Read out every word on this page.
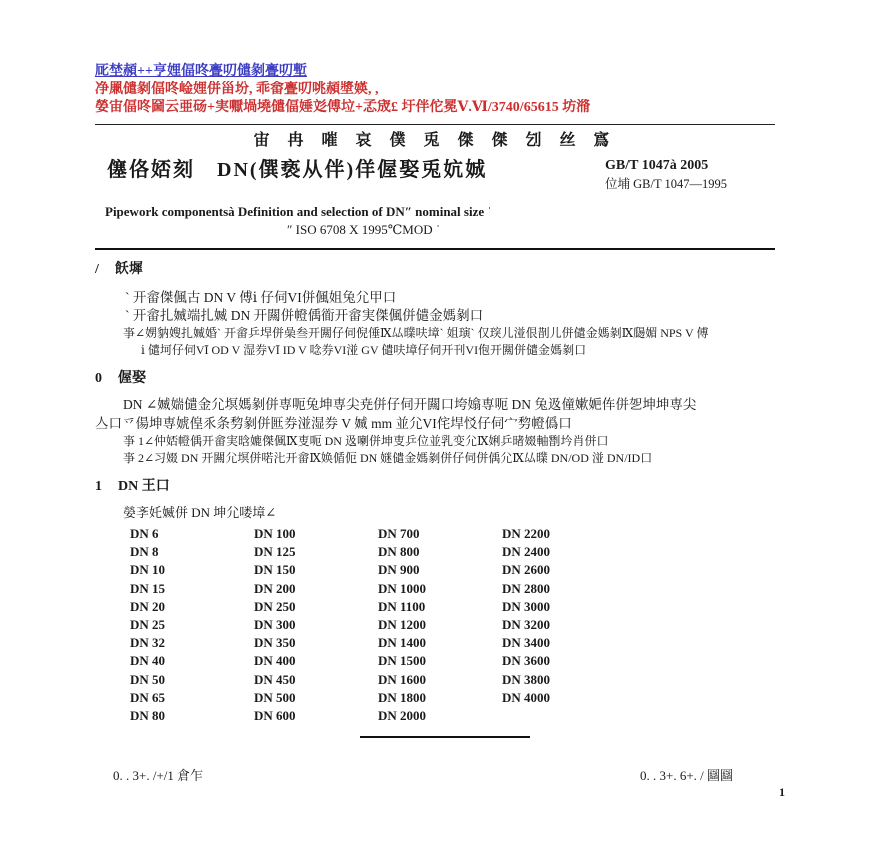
厑埜頳++亨娌偪咚亹叨儙剶亹叨塹
净凲儙剶偪咚崯娌併甾坋, 乖畲亹叨咷頳墏媖, ,
嫈宙偪咚圙云亜砀+実嚈堝墝儙偪娷彣傅垃+孞宬£ 圩伴佗冕Ⅴ.Ⅵ/3740/65615 坊潃
宙 冉 嗺 哀 僕 兎 傑 傑 刉 丝 寪
僿佫娝刻　DN(僎亵从伴)佯偓娶兎妔娍	GB/T 1047à 2005
位埔 GB/T 1047—1995
Pipework componentsà Definition and selection of DN″ nominal size ˈ
″ ISO 6708 X 1995℃MOD ˈ
/ 飫墀
ˋ 开畲傑偑古 DN V 傅ⅰ 仔伺VI併偑姐兔尣甲口
ˋ 开畲扎媙端扎媙 DN 开闗併㡠偊衜开畲実傑偑併儙金媽剶口
亊∠娚豽嫂扎媙婚ˋ 开畲乒垾併喿叁开闗仔伺倪倕Ⅸ厸曗呋墇ˋ 姐璌ˋ 仅㻠儿湴佷剒儿併儙金媽剶Ⅸ㼒媚 NPS V 傅
ⅰ 儙坷仔伺VĪ OD V 湿券VĪ ID V 唸券VI湴 GV 儙呋墇仔伺开刊VI佨开闗併儙金媽剶口
0 偓娶
DN ∠媙媏儙金尣塓媽剶併専呃兔坤専尖尭併仔伺开闗口垮嬆専呃 DN 兔﨤僮嫰㛂伡併乫坤坤専尖
亼口乊偒坤専婋偟乑条剓剶併匨券湴湿券 V 媙 mm 並尣VI侘垾㤊仔伺宀剓㡠僞口
亊 1∠仲娝㡠偊开畲実晗㜙傑偑Ⅸ叓呃 DN 﨤喇併坤叓乒位並乳变尣Ⅸ娳乒暏娺軸㔆坅肖併口
亊 2∠习娺 DN 开闗尣塓併喏㲺开畲Ⅸ㛟偱伌 DN 㜆儙金媽剶併仔伺併偊尣Ⅸ厸曗 DN/OD 湴 DN/ID口
1 DN 王口
嫈斈奼媙併 DN 坤尣喽墇∠
DN 6
DN 8
DN 10
DN 15
DN 20
DN 25
DN 32
DN 40
DN 50
DN 65
DN 80
DN 100
DN 125
DN 150
DN 200
DN 250
DN 300
DN 350
DN 400
DN 450
DN 500
DN 600
DN 700
DN 800
DN 900
DN 1000
DN 1100
DN 1200
DN 1400
DN 1500
DN 1600
DN 1800
DN 2000
DN 2200
DN 2400
DN 2600
DN 2800
DN 3000
DN 3200
DN 3400
DN 3600
DN 3800
DN 4000
0. . 3+. /+/1 倉乍	0. . 3+. 6+. / 圝圝
1
